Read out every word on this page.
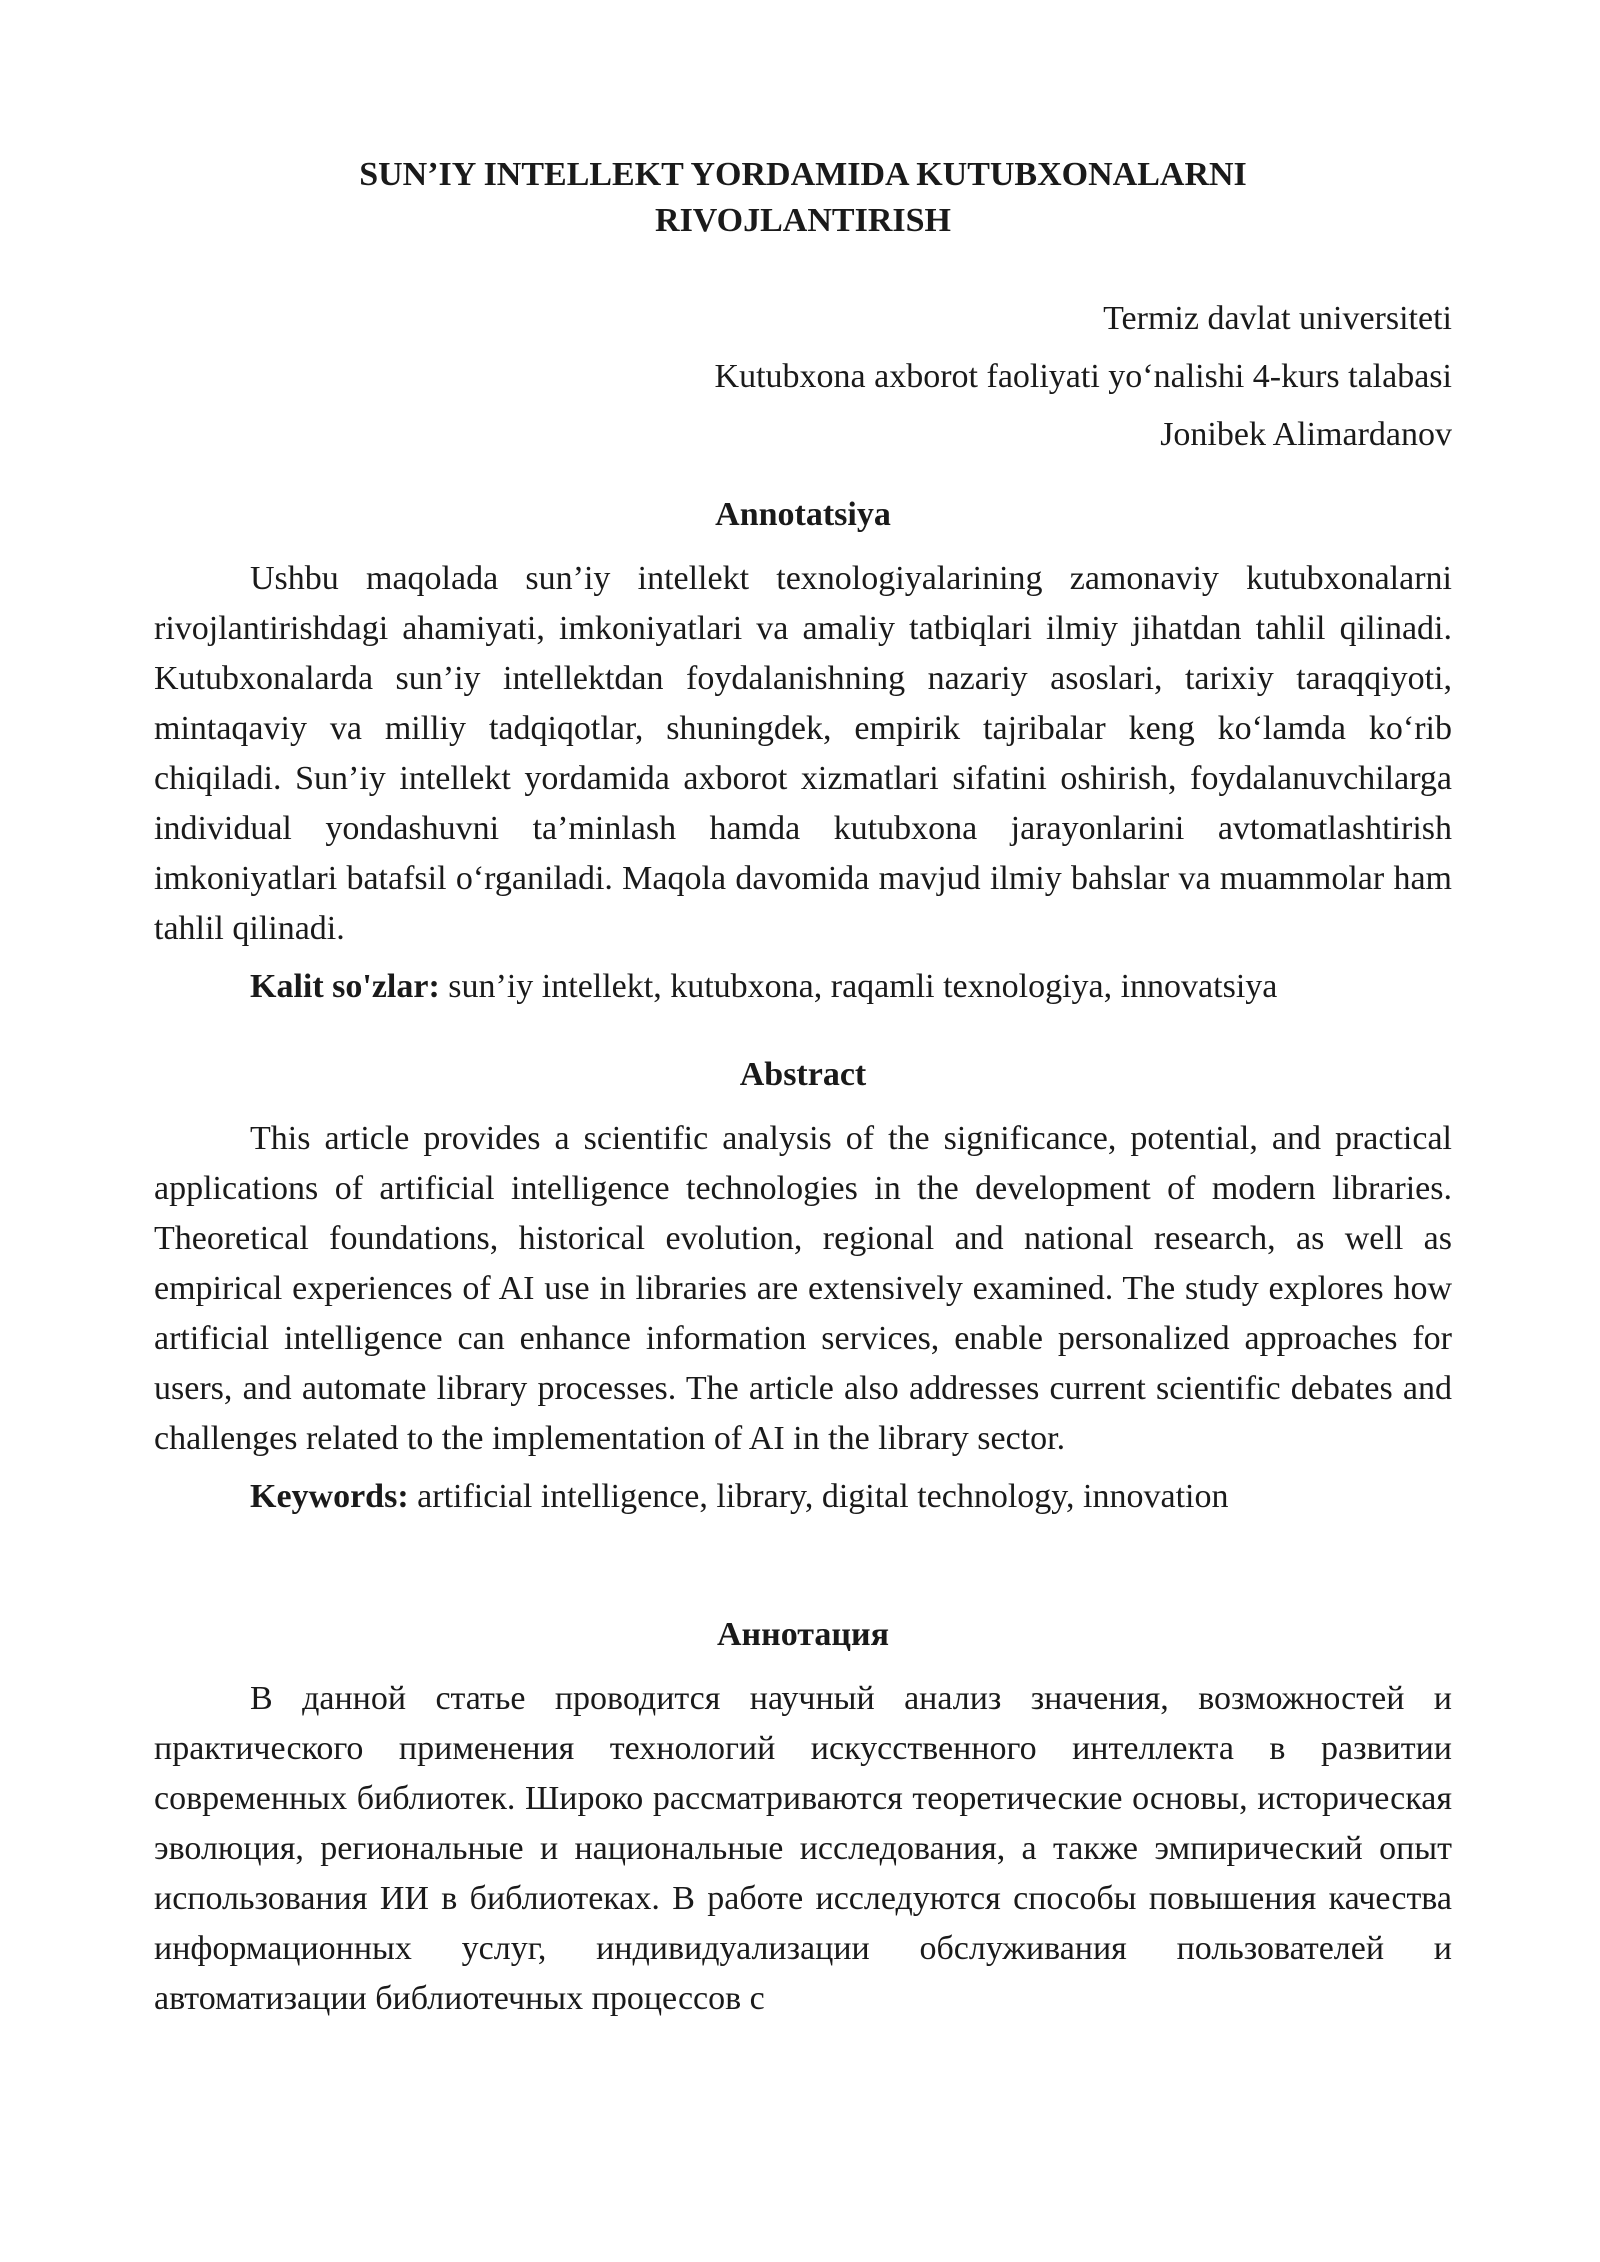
SUN’IY INTELLEKT YORDAMIDA KUTUBXONALARNI
RIVOJLANTIRISH
Termiz davlat universiteti
Kutubxona axborot faoliyati yo‘nalishi 4-kurs talabasi
Jonibek Alimardanov
Annotatsiya

Ushbu maqolada sun’iy intellekt texnologiyalarining zamonaviy kutubxonalarni rivojlantirishdagi ahamiyati, imkoniyatlari va amaliy tatbiqlari ilmiy jihatdan tahlil qilinadi. Kutubxonalarda sun’iy intellektdan foydalanishning nazariy asoslari, tarixiy taraqqiyoti, mintaqaviy va milliy tadqiqotlar, shuningdek, empirik tajribalar keng ko‘lamda ko‘rib chiqiladi. Sun’iy intellekt yordamida axborot xizmatlari sifatini oshirish, foydalanuvchilarga individual yondashuvni ta’minlash hamda kutubxona jarayonlarini avtomatlashtirish imkoniyatlari batafsil o‘rganiladi. Maqola davomida mavjud ilmiy bahslar va muammolar ham tahlil qilinadi.

Kalit so'zlar: sun’iy intellekt, kutubxona, raqamli texnologiya, innovatsiya

Abstract

This article provides a scientific analysis of the significance, potential, and practical applications of artificial intelligence technologies in the development of modern libraries. Theoretical foundations, historical evolution, regional and national research, as well as empirical experiences of AI use in libraries are extensively examined. The study explores how artificial intelligence can enhance information services, enable personalized approaches for users, and automate library processes. The article also addresses current scientific debates and challenges related to the implementation of AI in the library sector.

Keywords: artificial intelligence, library, digital technology, innovation

Аннотация

В данной статье проводится научный анализ значения, возможностей и практического применения технологий искусственного интеллекта в развитии современных библиотек. Широко рассматриваются теоретические основы, историческая эволюция, региональные и национальные исследования, а также эмпирический опыт использования ИИ в библиотеках. В работе исследуются способы повышения качества информационных услуг, индивидуализации обслуживания пользователей и автоматизации библиотечных процессов с
